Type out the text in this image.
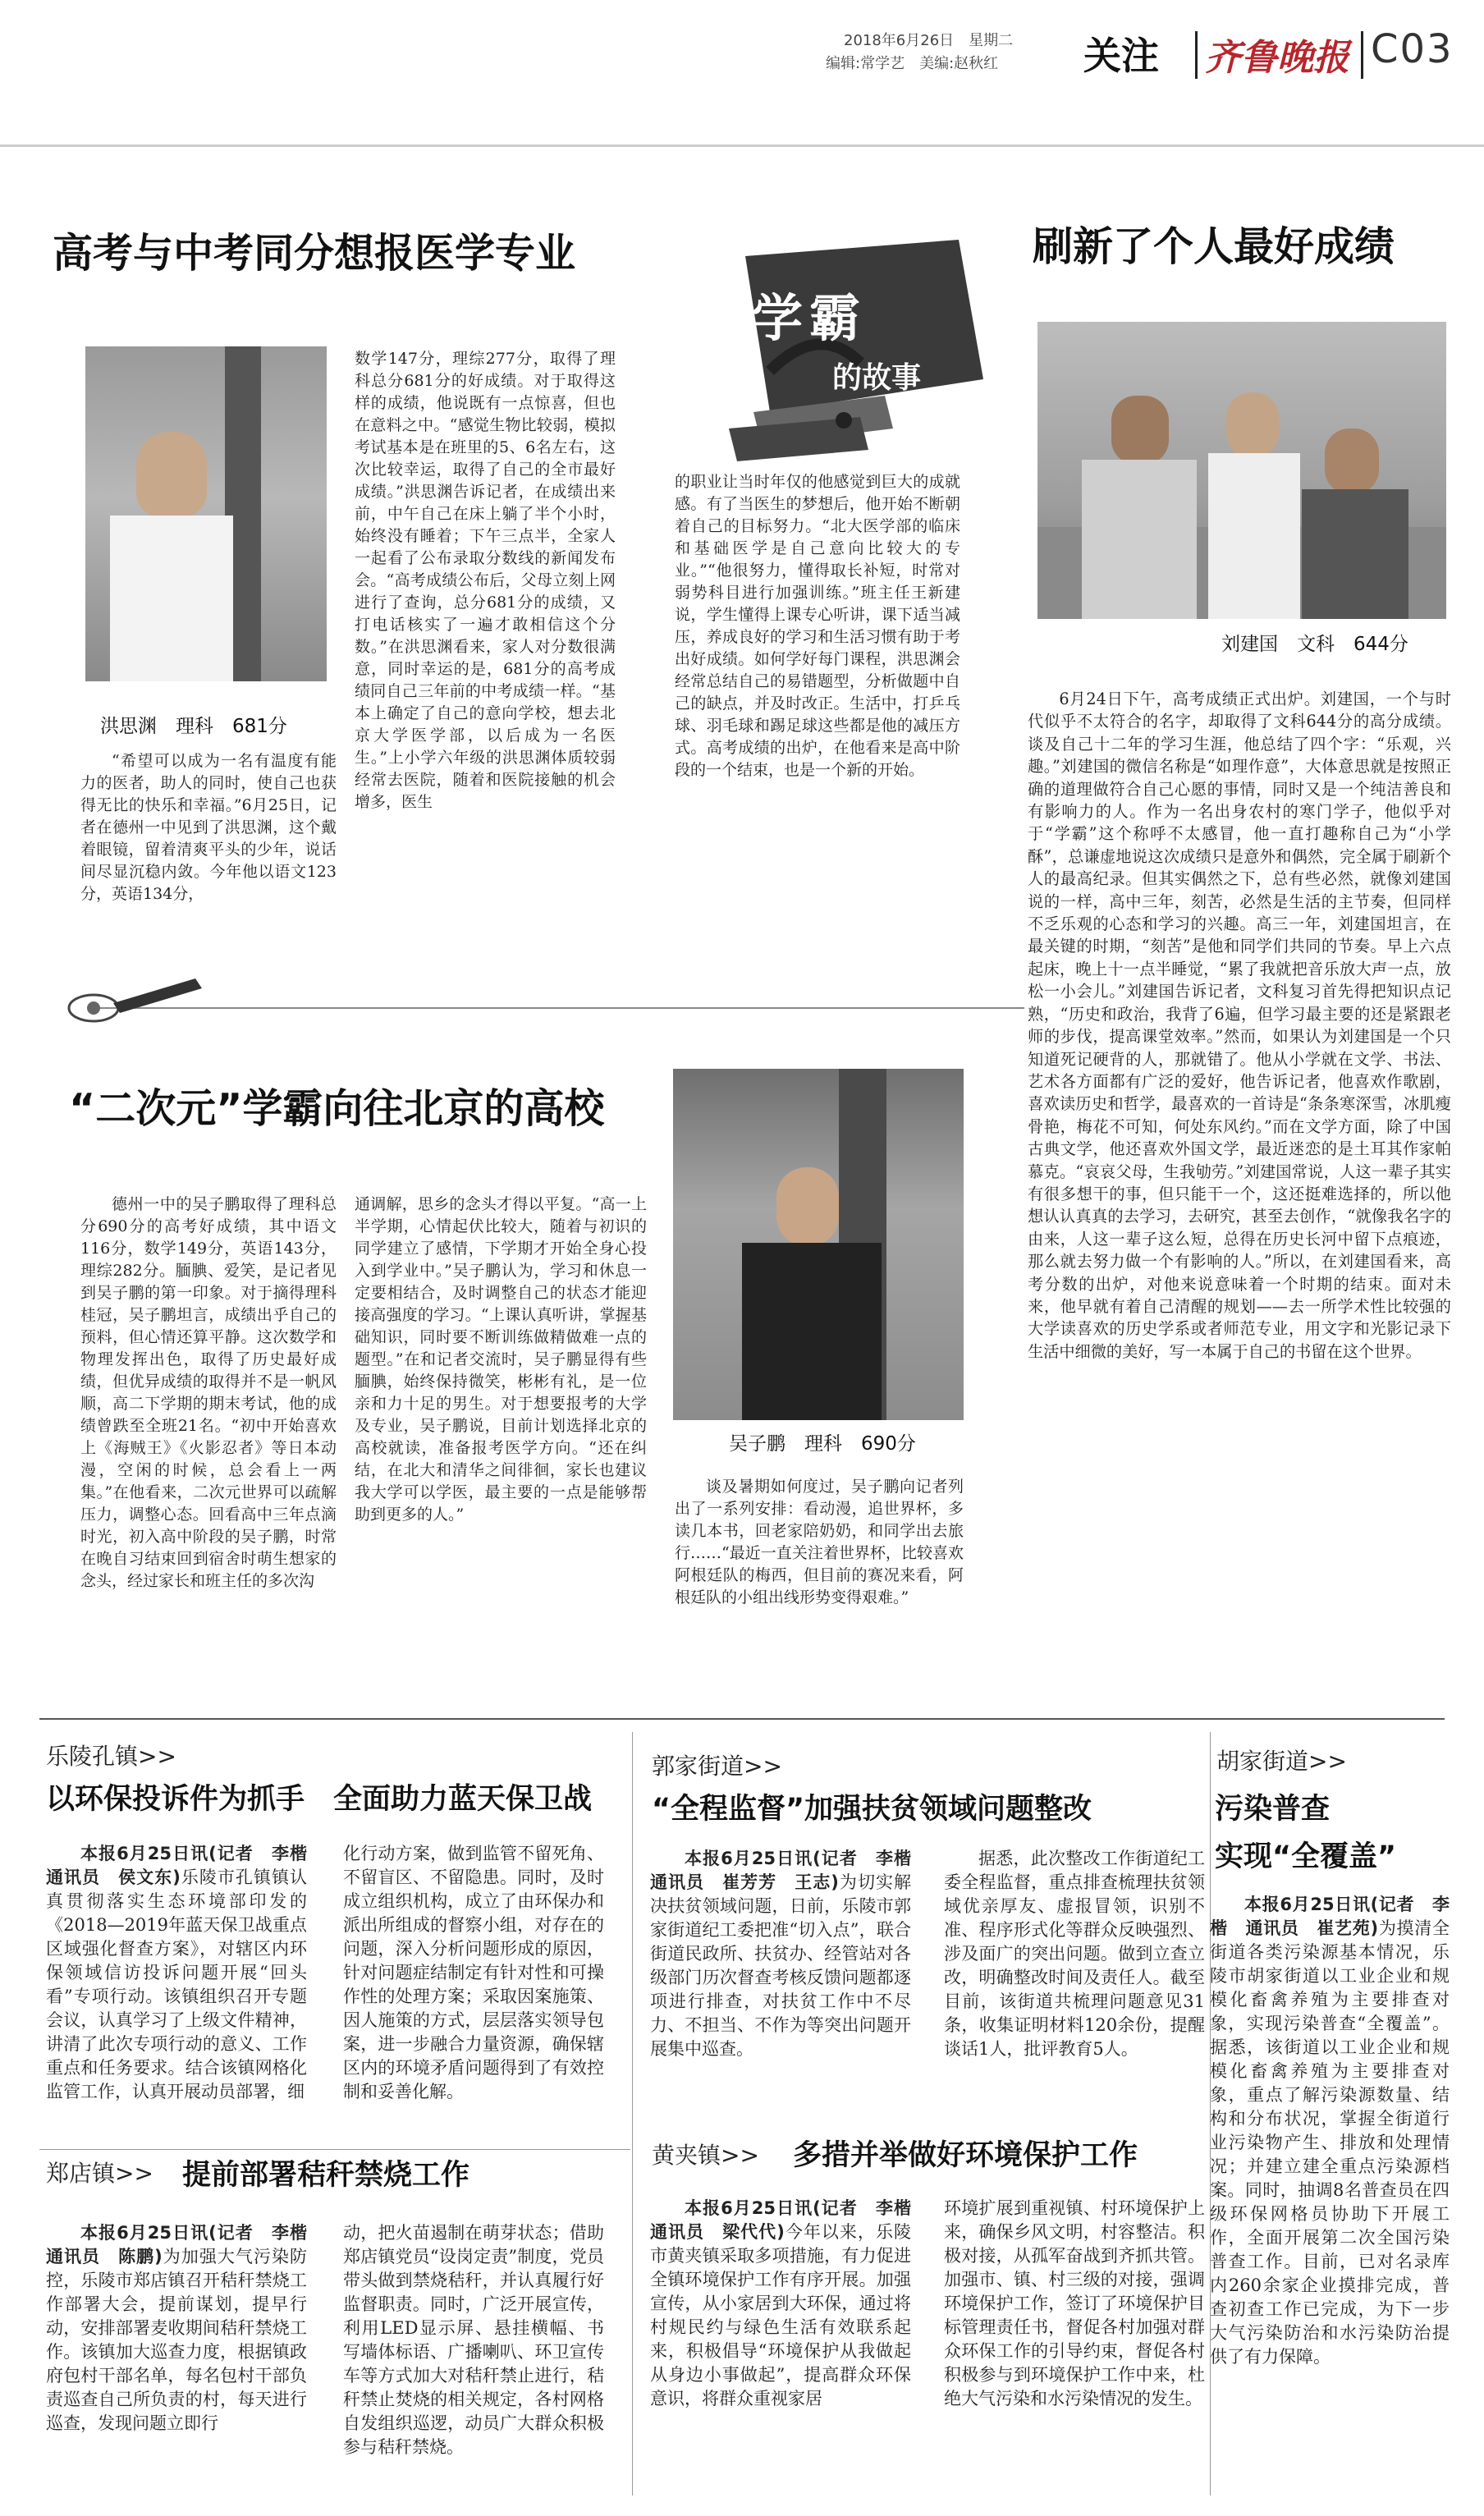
2018年6月26日　星期二
编辑:常学艺　美编:赵秋红 关注 齐鲁晚报 C03
学霸
的故事
高考与中考同分想报医学专业
洪思渊　理科　681分
“希望可以成为一名有温度有能力的医者，助人的同时，使自己也获得无比的快乐和幸福。”6月25日，记者在德州一中见到了洪思渊，这个戴着眼镜，留着清爽平头的少年，说话间尽显沉稳内敛。今年他以语文123分，英语134分，
数学147分，理综277分，取得了理科总分681分的好成绩。对于取得这样的成绩，他说既有一点惊喜，但也在意料之中。“感觉生物比较弱，模拟考试基本是在班里的5、6名左右，这次比较幸运，取得了自己的全市最好成绩。”洪思渊告诉记者，在成绩出来前，中午自己在床上躺了半个小时，始终没有睡着；下午三点半，全家人一起看了公布录取分数线的新闻发布会。“高考成绩公布后，父母立刻上网进行了查询，总分681分的成绩，又打电话核实了一遍才敢相信这个分数。”在洪思渊看来，家人对分数很满意，同时幸运的是，681分的高考成绩同自己三年前的中考成绩一样。“基本上确定了自己的意向学校，想去北京大学医学部，以后成为一名医生。”上小学六年级的洪思渊体质较弱经常去医院，随着和医院接触的机会增多，医生
的职业让当时年仅的他感觉到巨大的成就感。有了当医生的梦想后，他开始不断朝着自己的目标努力。“北大医学部的临床和基础医学是自己意向比较大的专业。”“他很努力，懂得取长补短，时常对弱势科目进行加强训练。”班主任王新建说，学生懂得上课专心听讲，课下适当减压，养成良好的学习和生活习惯有助于考出好成绩。如何学好每门课程，洪思渊会经常总结自己的易错题型，分析做题中自己的缺点，并及时改正。生活中，打乒乓球、羽毛球和踢足球这些都是他的减压方式。高考成绩的出炉，在他看来是高中阶段的一个结束，也是一个新的开始。
“二次元”学霸向往北京的高校
吴子鹏　理科　690分
德州一中的吴子鹏取得了理科总分690分的高考好成绩，其中语文116分，数学149分，英语143分，理综282分。腼腆、爱笑，是记者见到吴子鹏的第一印象。对于摘得理科桂冠，吴子鹏坦言，成绩出乎自己的预料，但心情还算平静。这次数学和物理发挥出色，取得了历史最好成绩，但优异成绩的取得并不是一帆风顺，高二下学期的期末考试，他的成绩曾跌至全班21名。“初中开始喜欢上《海贼王》《火影忍者》等日本动漫，空闲的时候，总会看上一两集。”在他看来，二次元世界可以疏解压力，调整心态。回看高中三年点滴时光，初入高中阶段的吴子鹏，时常在晚自习结束回到宿舍时萌生想家的念头，经过家长和班主任的多次沟
通调解，思乡的念头才得以平复。“高一上半学期，心情起伏比较大，随着与初识的同学建立了感情，下学期才开始全身心投入到学业中。”吴子鹏认为，学习和休息一定要相结合，及时调整自己的状态才能迎接高强度的学习。“上课认真听讲，掌握基础知识，同时要不断训练做精做难一点的题型。”在和记者交流时，吴子鹏显得有些腼腆，始终保持微笑，彬彬有礼，是一位亲和力十足的男生。对于想要报考的大学及专业，吴子鹏说，目前计划选择北京的高校就读，准备报考医学方向。“还在纠结，在北大和清华之间徘徊，家长也建议我大学可以学医，最主要的一点是能够帮助到更多的人。”
谈及暑期如何度过，吴子鹏向记者列出了一系列安排：看动漫，追世界杯，多读几本书，回老家陪奶奶，和同学出去旅行……“最近一直关注着世界杯，比较喜欢阿根廷队的梅西，但目前的赛况来看，阿根廷队的小组出线形势变得艰难。”
刷新了个人最好成绩
刘建国　文科　644分
6月24日下午，高考成绩正式出炉。刘建国，一个与时代似乎不太符合的名字，却取得了文科644分的高分成绩。谈及自己十二年的学习生涯，他总结了四个字：“乐观，兴趣。”刘建国的微信名称是“如理作意”，大体意思就是按照正确的道理做符合自己心愿的事情，同时又是一个纯洁善良和有影响力的人。作为一名出身农村的寒门学子，他似乎对于“学霸”这个称呼不太感冒，他一直打趣称自己为“小学酥”，总谦虚地说这次成绩只是意外和偶然，完全属于刷新个人的最高纪录。但其实偶然之下，总有些必然，就像刘建国说的一样，高中三年，刻苦，必然是生活的主节奏，但同样不乏乐观的心态和学习的兴趣。高三一年，刘建国坦言，在最关键的时期，“刻苦”是他和同学们共同的节奏。早上六点起床，晚上十一点半睡觉，“累了我就把音乐放大声一点，放松一小会儿。”刘建国告诉记者，文科复习首先得把知识点记熟，“历史和政治，我背了6遍，但学习最主要的还是紧跟老师的步伐，提高课堂效率。”然而，如果认为刘建国是一个只知道死记硬背的人，那就错了。他从小学就在文学、书法、艺术各方面都有广泛的爱好，他告诉记者，他喜欢作歌剧，喜欢读历史和哲学，最喜欢的一首诗是“条条寒深雪，冰肌瘦骨艳，梅花不可知，何处东风约。”而在文学方面，除了中国古典文学，他还喜欢外国文学，最近迷恋的是土耳其作家帕慕克。“哀哀父母，生我劬劳。”刘建国常说，人这一辈子其实有很多想干的事，但只能干一个，这还挺难选择的，所以他想认认真真的去学习，去研究，甚至去创作，“就像我名字的由来，人这一辈子这么短，总得在历史长河中留下点痕迹，那么就去努力做一个有影响的人。”所以，在刘建国看来，高考分数的出炉，对他来说意味着一个时期的结束。面对未来，他早就有着自己清醒的规划——去一所学术性比较强的大学读喜欢的历史学系或者师范专业，用文字和光影记录下生活中细微的美好，写一本属于自己的书留在这个世界。
乐陵孔镇>>
以环保投诉件为抓手　全面助力蓝天保卫战
本报6月25日讯(记者　李楷　通讯员　侯文东)乐陵市孔镇镇认真贯彻落实生态环境部印发的《2018—2019年蓝天保卫战重点区域强化督查方案》，对辖区内环保领域信访投诉问题开展“回头看”专项行动。该镇组织召开专题会议，认真学习了上级文件精神，讲清了此次专项行动的意义、工作重点和任务要求。结合该镇网格化监管工作，认真开展动员部署，细
化行动方案，做到监管不留死角、不留盲区、不留隐患。同时，及时成立组织机构，成立了由环保办和派出所组成的督察小组，对存在的问题，深入分析问题形成的原因，针对问题症结制定有针对性和可操作性的处理方案；采取因案施策、因人施策的方式，层层落实领导包案，进一步融合力量资源，确保辖区内的环境矛盾问题得到了有效控制和妥善化解。
郑店镇>> 提前部署秸秆禁烧工作
本报6月25日讯(记者　李楷　通讯员　陈鹏)为加强大气污染防控，乐陵市郑店镇召开秸秆禁烧工作部署大会，提前谋划，提早行动，安排部署麦收期间秸秆禁烧工作。该镇加大巡查力度，根据镇政府包村干部名单，每名包村干部负责巡查自己所负责的村，每天进行巡查，发现问题立即行
动，把火苗遏制在萌芽状态；借助郑店镇党员“设岗定责”制度，党员带头做到禁烧秸秆，并认真履行好监督职责。同时，广泛开展宣传，利用LED显示屏、悬挂横幅、书写墙体标语、广播喇叭、环卫宣传车等方式加大对秸秆禁止进行，秸秆禁止焚烧的相关规定，各村网格自发组织巡逻，动员广大群众积极参与秸秆禁烧。
郭家街道>>
“全程监督”加强扶贫领域问题整改
本报6月25日讯(记者　李楷　通讯员　崔芳芳　王志)为切实解决扶贫领域问题，日前，乐陵市郭家街道纪工委把准“切入点”，联合街道民政所、扶贫办、经管站对各级部门历次督查考核反馈问题都逐项进行排查，对扶贫工作中不尽力、不担当、不作为等突出问题开展集中巡查。
据悉，此次整改工作街道纪工委全程监督，重点排查梳理扶贫领域优亲厚友、虚报冒领，识别不准、程序形式化等群众反映强烈、涉及面广的突出问题。做到立查立改，明确整改时间及责任人。截至目前，该街道共梳理问题意见31条，收集证明材料120余份，提醒谈话1人，批评教育5人。
黄夹镇>> 多措并举做好环境保护工作
本报6月25日讯(记者　李楷　通讯员　梁代代)今年以来，乐陵市黄夹镇采取多项措施，有力促进全镇环境保护工作有序开展。加强宣传，从小家居到大环保，通过将村规民约与绿色生活有效联系起来，积极倡导“环境保护从我做起从身边小事做起”，提高群众环保意识，将群众重视家居
环境扩展到重视镇、村环境保护上来，确保乡风文明，村容整洁。积极对接，从孤军奋战到齐抓共管。加强市、镇、村三级的对接，强调环境保护工作，签订了环境保护目标管理责任书，督促各村加强对群众环保工作的引导约束，督促各村积极参与到环境保护工作中来，杜绝大气污染和水污染情况的发生。
胡家街道>>
污染普查
实现“全覆盖”
本报6月25日讯(记者　李楷　通讯员　崔艺苑)为摸清全街道各类污染源基本情况，乐陵市胡家街道以工业企业和规模化畜禽养殖为主要排查对象，实现污染普查“全覆盖”。据悉，该街道以工业企业和规模化畜禽养殖为主要排查对象，重点了解污染源数量、结构和分布状况，掌握全街道行业污染物产生、排放和处理情况；并建立建全重点污染源档案。同时，抽调8名普查员在四级环保网格员协助下开展工作，全面开展第二次全国污染普查工作。目前，已对名录库内260余家企业摸排完成，普查初查工作已完成，为下一步大气污染防治和水污染防治提供了有力保障。
